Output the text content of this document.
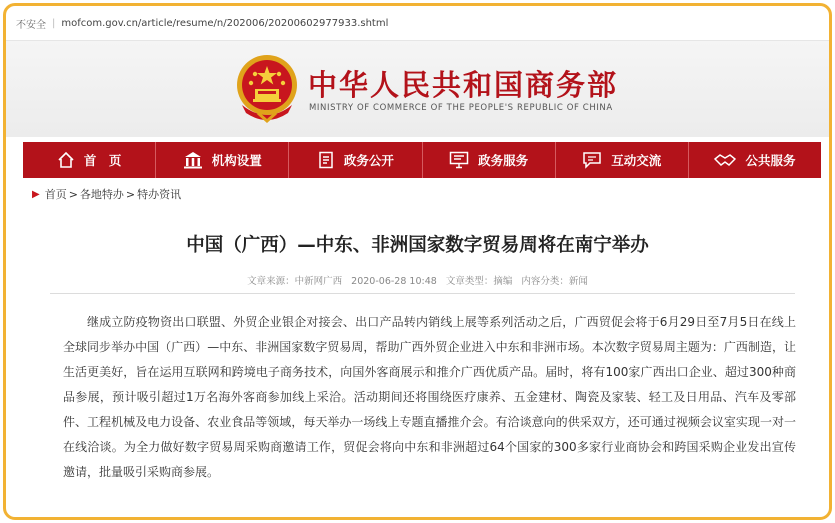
不安全 | mofcom.gov.cn/article/resume/n/202006/20200602977933.shtml
中华人民共和国商务部
MINISTRY OF COMMERCE OF THE PEOPLE'S REPUBLIC OF CHINA
首　页	机构设置	政务公开	政务服务	互动交流	公共服务
▶ 首页 > 各地特办 > 特办资讯
中国（广西）—中东、非洲国家数字贸易周将在南宁举办
文章来源：中新网广西 2020-06-28 10:48 文章类型：摘编 内容分类：新闻
继成立防疫物资出口联盟、外贸企业银企对接会、出口产品转内销线上展等系列活动之后，广西贸促会将于6月29日至7月5日在线上全球同步举办中国（广西）—中东、非洲国家数字贸易周，帮助广西外贸企业进入中东和非洲市场。本次数字贸易周主题为：广西制造，让生活更美好，旨在运用互联网和跨境电子商务技术，向国外客商展示和推介广西优质产品。届时，将有100家广西出口企业、超过300种商品参展，预计吸引超过1万名海外客商参加线上采洽。活动期间还将围绕医疗康养、五金建材、陶瓷及家装、轻工及日用品、汽车及零部件、工程机械及电力设备、农业食品等领域，每天举办一场线上专题直播推介会。有洽谈意向的供采双方，还可通过视频会议室实现一对一在线洽谈。为全力做好数字贸易周采购商邀请工作，贸促会将向中东和非洲超过64个国家的300多家行业商协会和跨国采购企业发出宣传邀请，批量吸引采购商参展。
